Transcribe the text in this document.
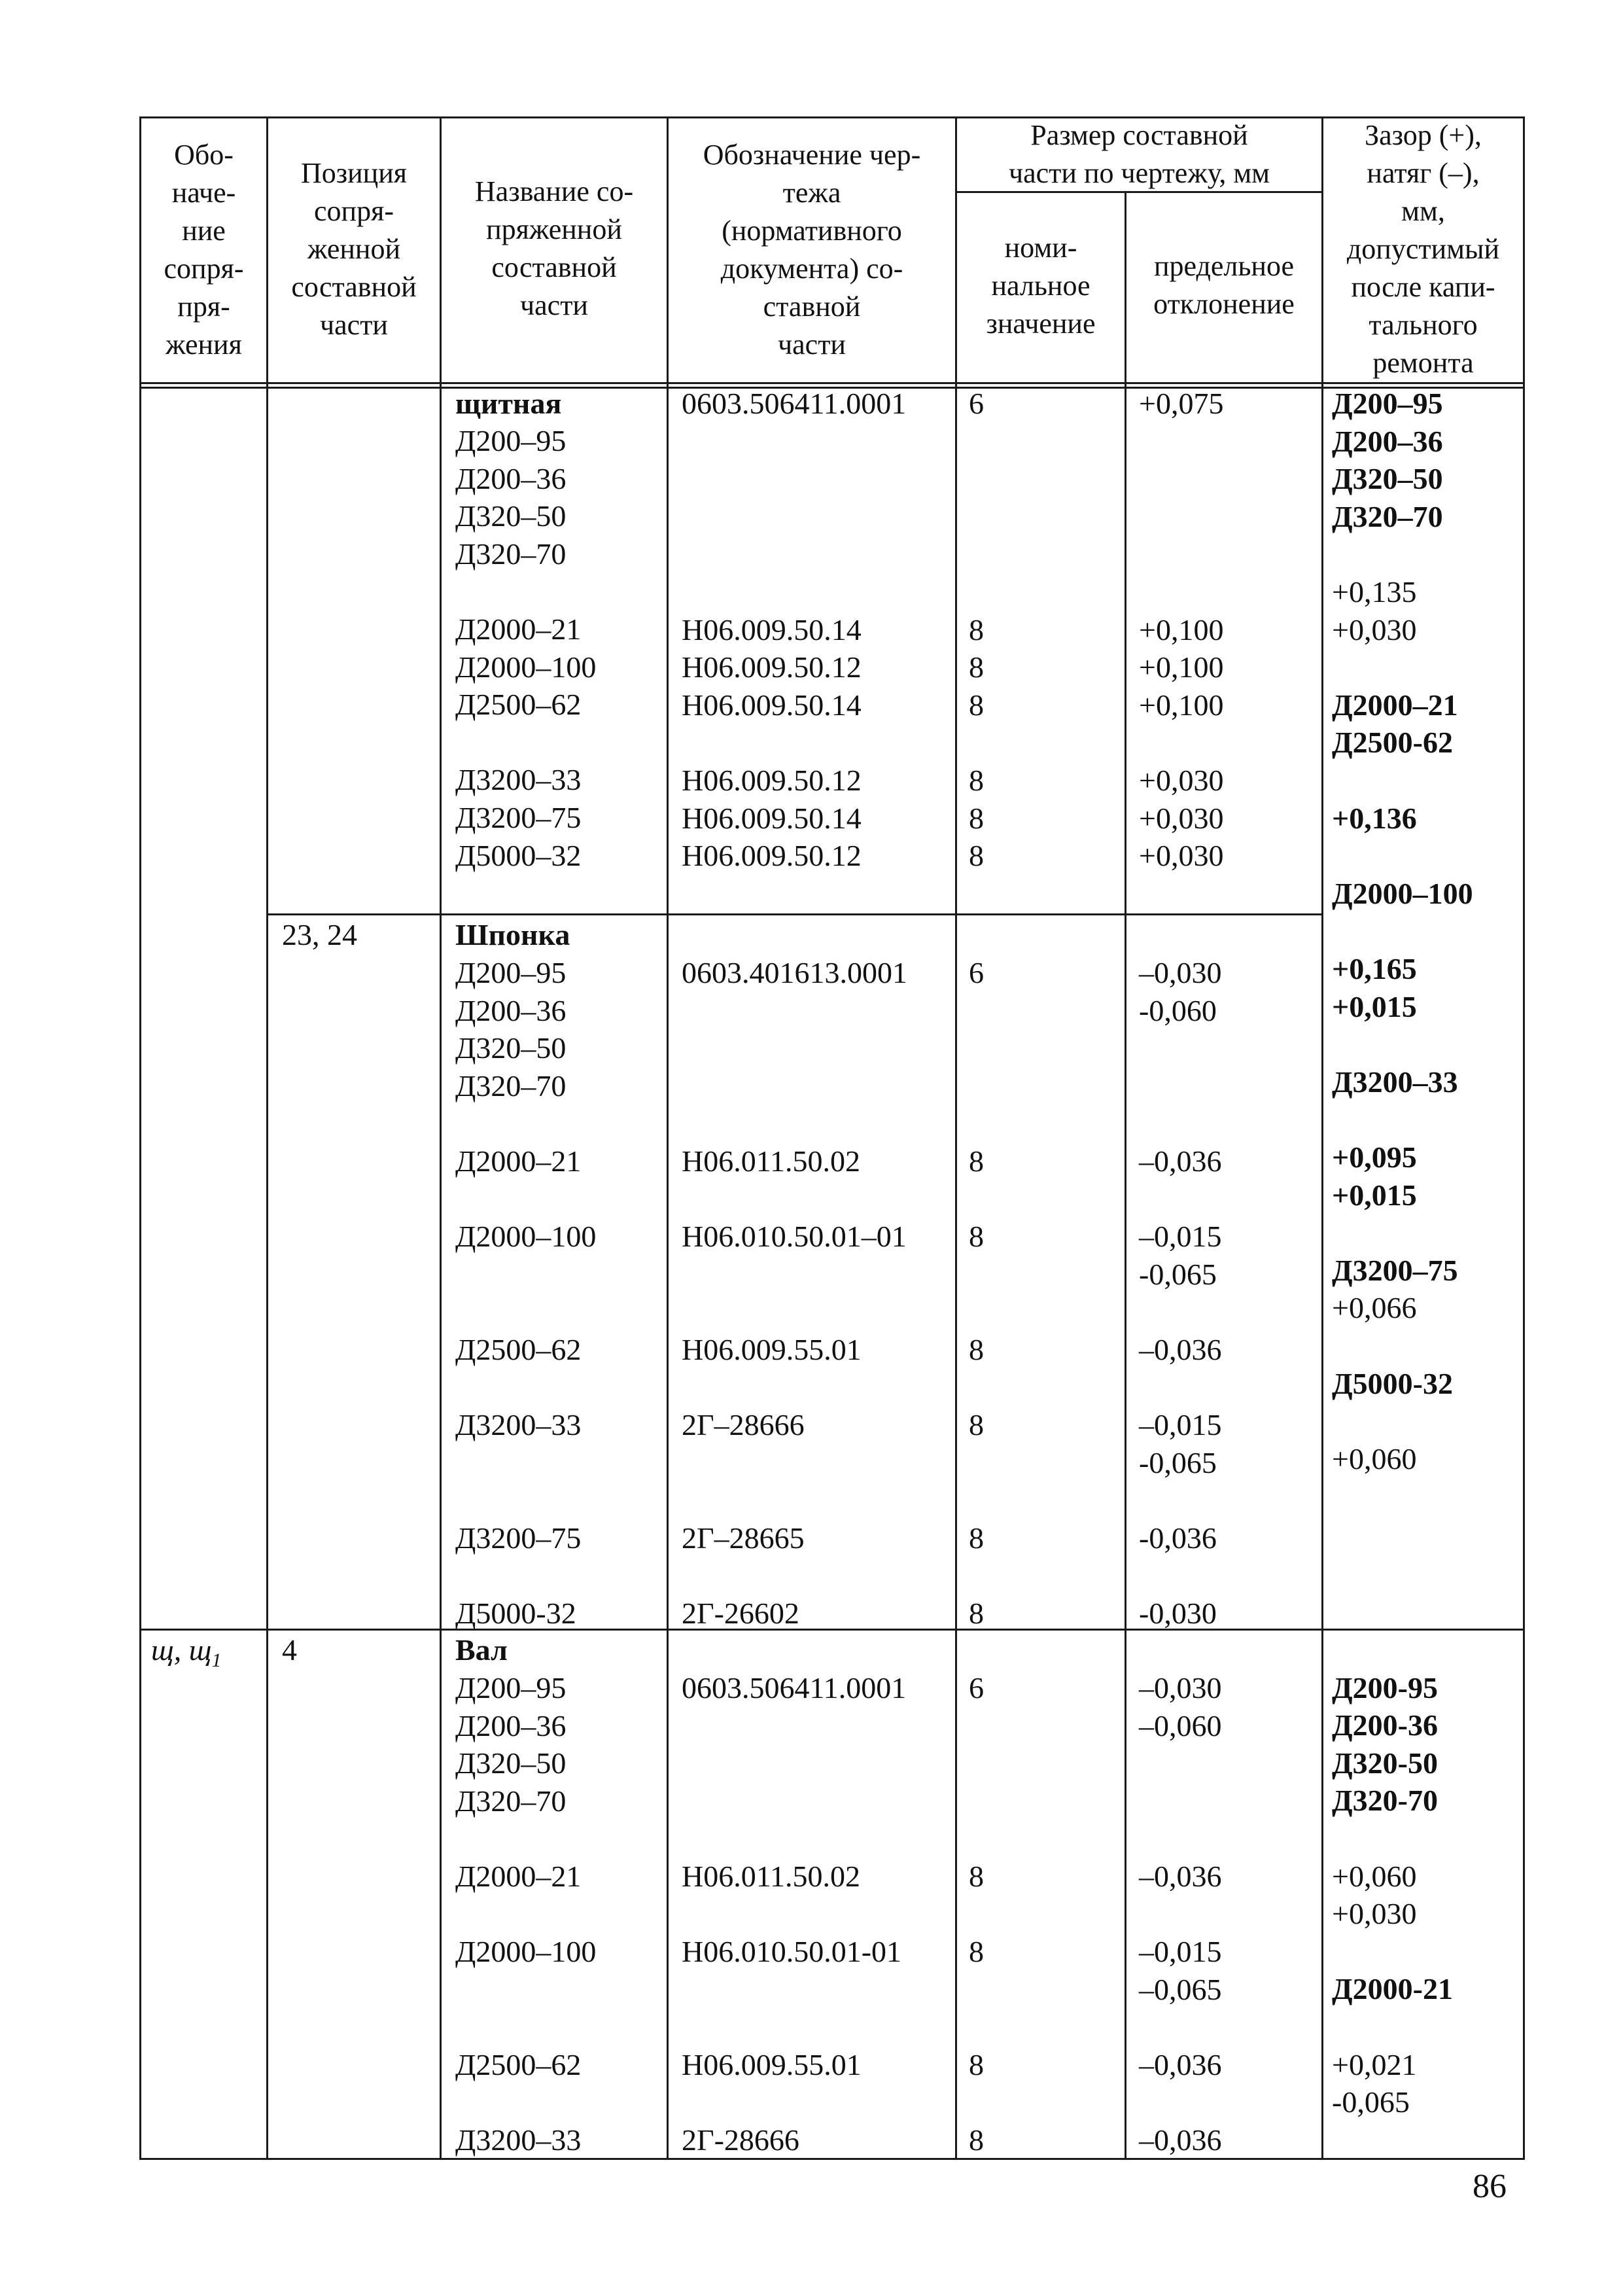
Обо-
наче-
ние
сопря-
пря-
жения
Позиция
сопря-
женной
составной
части
Название со-
пряженной
составной
части
Обозначение чер-
тежа
(нормативного
документа) со-
ставной
части
Размер составной
части по чертежу, мм
номи-
нальное
значение
предельное
отклонение
Зазор (+),
натяг (–),
мм,
допустимый
после капи-
тального
ремонта
щитная
Д200–95
Д200–36
Д320–50
Д320–70

Д2000–21
Д2000–100
Д2500–62

Д3200–33
Д3200–75
Д5000–32
0603.506411.0001

Н06.009.50.14
Н06.009.50.12
Н06.009.50.14

Н06.009.50.12
Н06.009.50.14
Н06.009.50.12
6

8
8
8

8
8
8
+0,075

+0,100
+0,100
+0,100

+0,030
+0,030
+0,030
23, 24	Шпонка
Д200–95
Д200–36
Д320–50
Д320–70

Д2000–21

Д2000–100

Д2500–62

Д3200–33

Д3200–75

Д5000-32
0603.401613.0001

Н06.011.50.02

Н06.010.50.01–01

Н06.009.55.01

2Г–28666

2Г–28665

2Г-26602
6

8

8

8

8

8

8
–0,030
-0,060

–0,036

–0,015
-0,065

–0,036

–0,015
-0,065

-0,036

-0,030
Д200–95
Д200–36
Д320–50
Д320–70
+0,135
+0,030
Д2000–21
Д2500-62
+0,136
Д2000–100
+0,165
+0,015
Д3200–33
+0,095
+0,015
Д3200–75
+0,066
Д5000-32
+0,060
щ, $щ_1$ 4	Вал
Д200–95
Д200–36
Д320–50
Д320–70

Д2000–21

Д2000–100

Д2500–62

Д3200–33
0603.506411.0001

Н06.011.50.02

Н06.010.50.01-01

Н06.009.55.01

2Г-28666
6

8

8

8

8
–0,030
–0,060

–0,036

–0,015
–0,065

–0,036

–0,036
Д200-95
Д200-36
Д320-50
Д320-70
+0,060
+0,030
Д2000-21
+0,021
-0,065
86
